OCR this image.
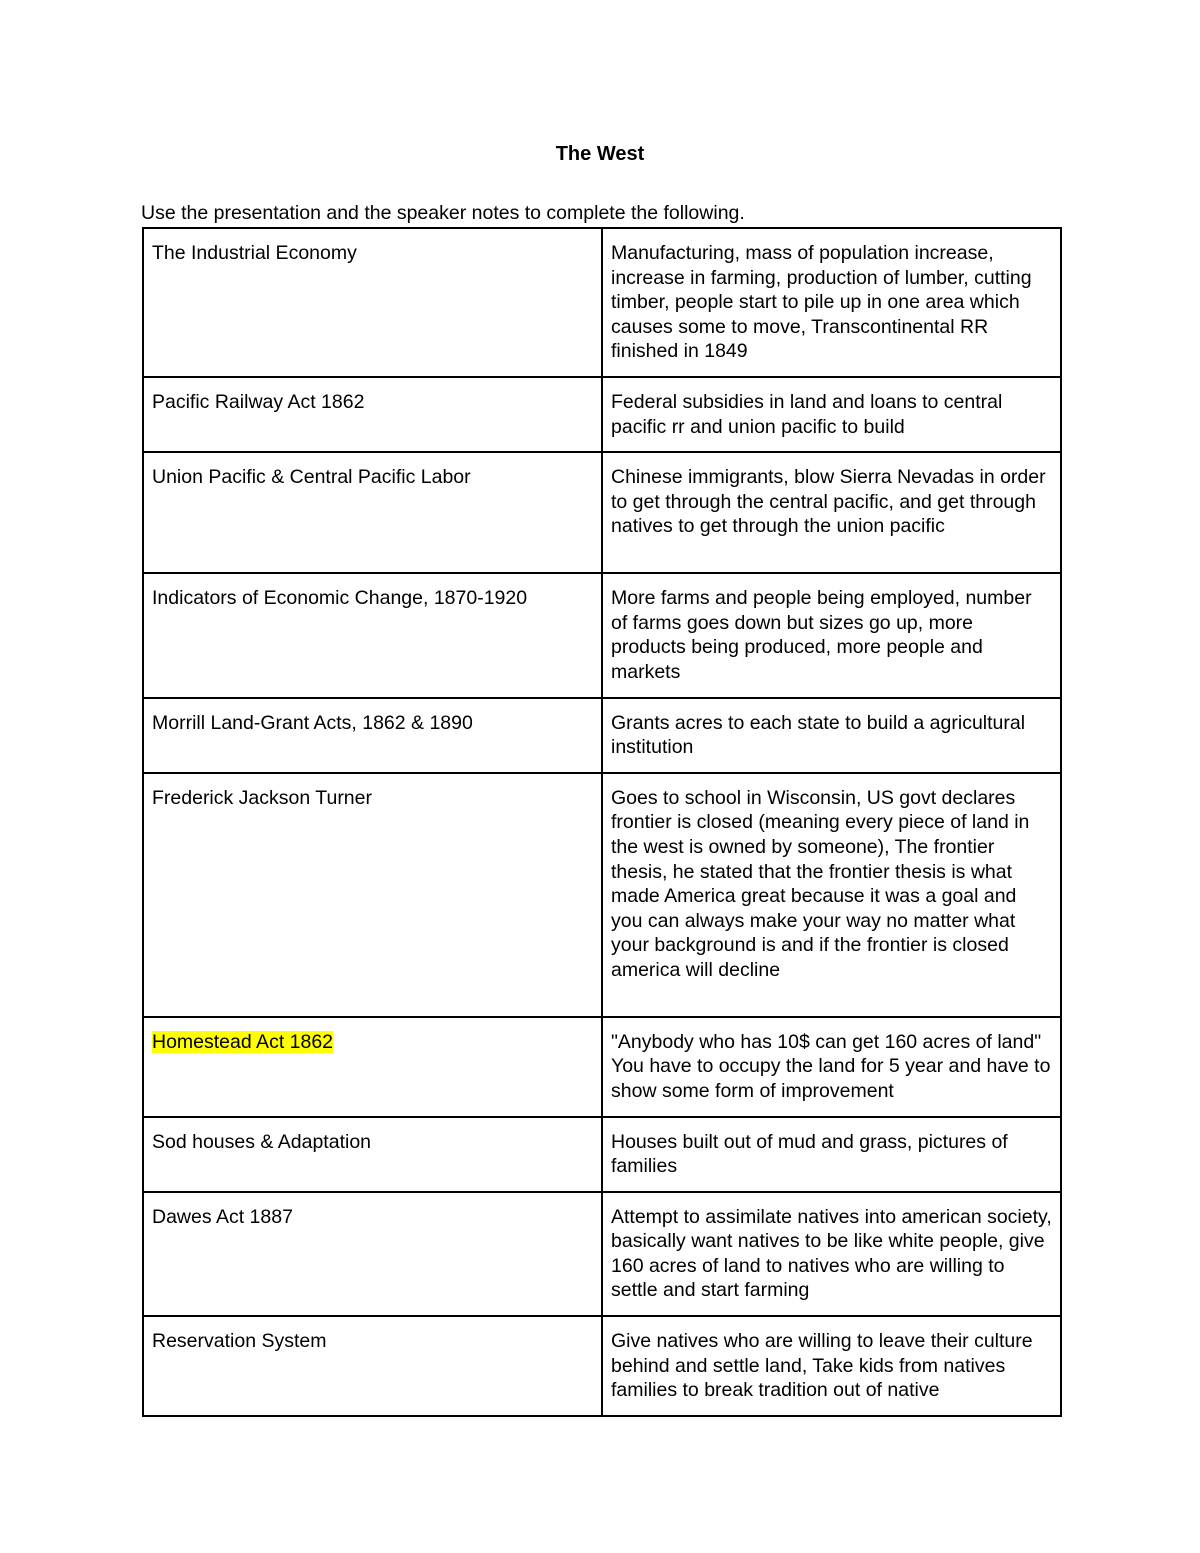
The West
Use the presentation and the speaker notes to complete the following.
The Industrial Economy	Manufacturing, mass of population increase, increase in farming, production of lumber, cutting timber, people start to pile up in one area which causes some to move, Transcontinental RR finished in 1849
Pacific Railway Act 1862	Federal subsidies in land and loans to central pacific rr and union pacific to build
Union Pacific & Central Pacific Labor	Chinese immigrants, blow Sierra Nevadas in order to get through the central pacific, and get through natives to get through the union pacific
Indicators of Economic Change, 1870-1920	More farms and people being employed, number of farms goes down but sizes go up, more products being produced, more people and markets
Morrill Land-Grant Acts, 1862 & 1890	Grants acres to each state to build a agricultural institution
Frederick Jackson Turner	Goes to school in Wisconsin, US govt declares frontier is closed (meaning every piece of land in the west is owned by someone), The frontier thesis, he stated that the frontier thesis is what made America great because it was a goal and you can always make your way no matter what your background is and if the frontier is closed america will decline
Homestead Act 1862	"Anybody who has 10$ can get 160 acres of land" You have to occupy the land for 5 year and have to show some form of improvement
Sod houses & Adaptation	Houses built out of mud and grass, pictures of families
Dawes Act 1887	Attempt to assimilate natives into american society, basically want natives to be like white people, give 160 acres of land to natives who are willing to settle and start farming
Reservation System	Give natives who are willing to leave their culture behind and settle land, Take kids from natives families to break tradition out of native
